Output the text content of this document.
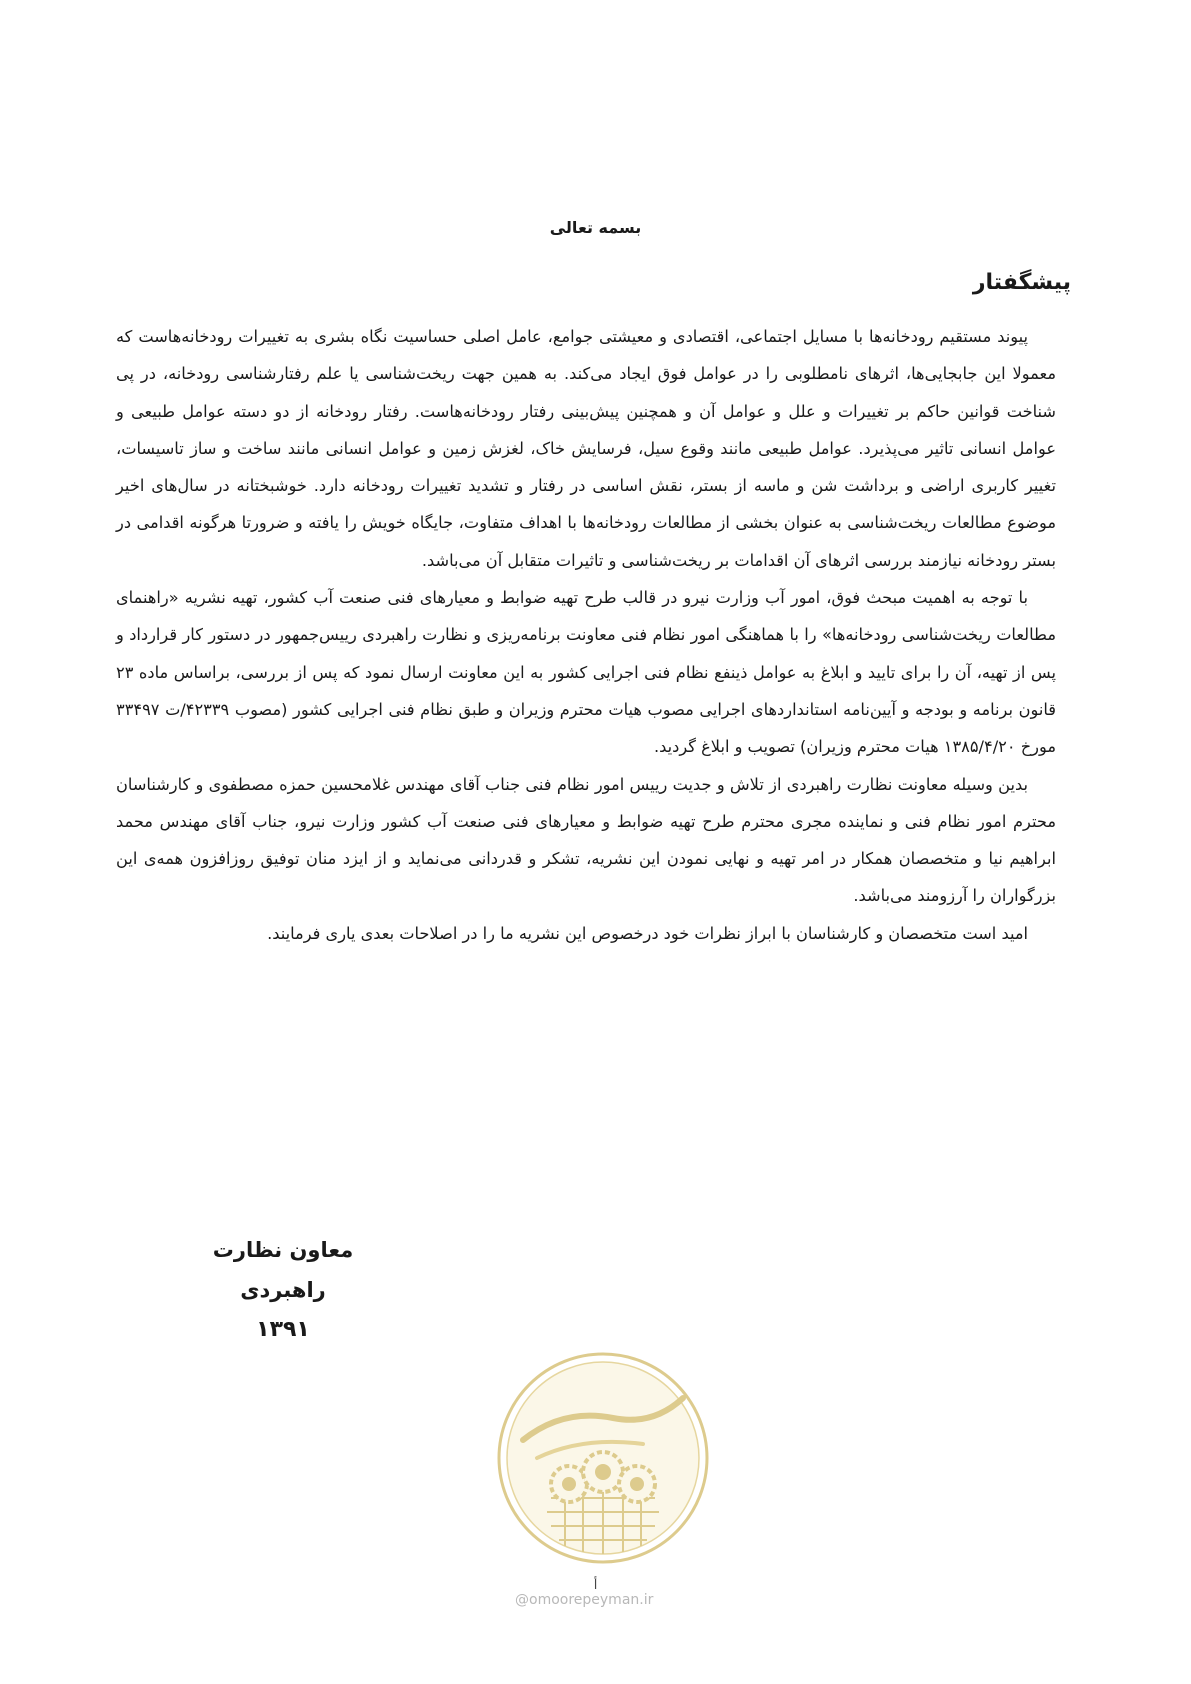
بسمه تعالی
پیشگفتار

پیوند مستقیم رودخانه‌ها با مسایل اجتماعی، اقتصادی و معیشتی جوامع، عامل اصلی حساسیت نگاه بشری به تغییرات رودخانه‌هاست که معمولا این جابجایی‌ها، اثرهای نامطلوبی را در عوامل فوق ایجاد می‌کند. به همین جهت ریخت‌شناسی یا علم رفتارشناسی رودخانه، در پی شناخت قوانین حاکم بر تغییرات و علل و عوامل آن و همچنین پیش‌بینی رفتار رودخانه‌هاست. رفتار رودخانه از دو دسته عوامل طبیعی و عوامل انسانی تاثیر می‌پذیرد. عوامل طبیعی مانند وقوع سیل، فرسایش خاک، لغزش زمین و عوامل انسانی مانند ساخت و ساز تاسیسات، تغییر کاربری اراضی و برداشت شن و ماسه از بستر، نقش اساسی در رفتار و تشدید تغییرات رودخانه دارد. خوشبختانه در سال‌های اخیر موضوع مطالعات ریخت‌شناسی به عنوان بخشی از مطالعات رودخانه‌ها با اهداف متفاوت، جایگاه خویش را یافته و ضرورتا هرگونه اقدامی در بستر رودخانه نیازمند بررسی اثرهای آن اقدامات بر ریخت‌شناسی و تاثیرات متقابل آن می‌باشد.

با توجه به اهمیت مبحث فوق، امور آب وزارت نیرو در قالب طرح تهیه ضوابط و معیارهای فنی صنعت آب کشور، تهیه نشریه «راهنمای مطالعات ریخت‌شناسی رودخانه‌ها» را با هماهنگی امور نظام فنی معاونت برنامه‌ریزی و نظارت راهبردی رییس‌جمهور در دستور کار قرارداد و پس از تهیه، آن را برای تایید و ابلاغ به عوامل ذینفع نظام فنی اجرایی کشور به این معاونت ارسال نمود که پس از بررسی، براساس ماده ۲۳ قانون برنامه و بودجه و آیین‌نامه استانداردهای اجرایی مصوب هیات محترم وزیران و طبق نظام فنی اجرایی کشور (مصوب ۴۲۳۳۹/ت ۳۳۴۹۷ مورخ ۱۳۸۵/۴/۲۰ هیات محترم وزیران) تصویب و ابلاغ گردید.

بدین وسیله معاونت نظارت راهبردی از تلاش و جدیت رییس امور نظام فنی جناب آقای مهندس غلامحسین حمزه مصطفوی و کارشناسان محترم امور نظام فنی و نماینده مجری محترم طرح تهیه ضوابط و معیارهای فنی صنعت آب کشور وزارت نیرو، جناب آقای مهندس محمد ابراهیم نیا و متخصصان همکار در امر تهیه و نهایی نمودن این نشریه، تشکر و قدردانی می‌نماید و از ایزد منان توفیق روزافزون همه‌ی این بزرگواران را آرزومند می‌باشد.

امید است متخصصان و کارشناسان با ابراز نظرات خود درخصوص این نشریه ما را در اصلاحات بعدی یاری فرمایند.

معاون نظارت راهبردی
۱۳۹۱
أ
@omoorepeyman.ir
